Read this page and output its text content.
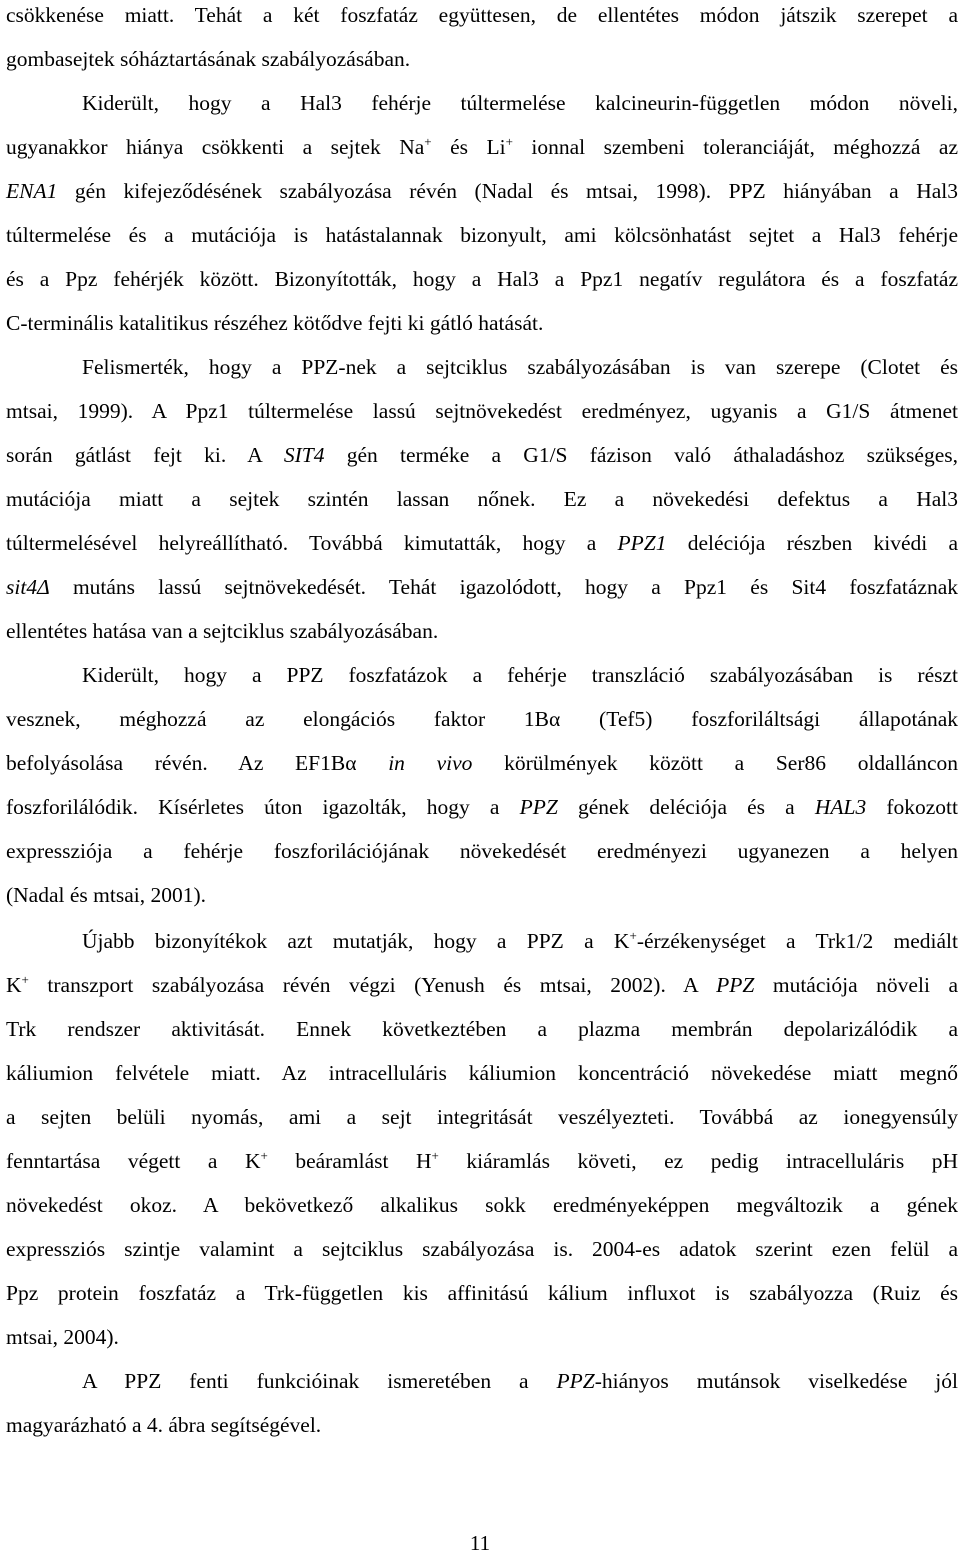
csökkenése miatt. Tehát a két foszfatáz együttesen, de ellentétes módon játszik szerepet a
gombasejtek sóháztartásának szabályozásában.
Kiderült, hogy a Hal3 fehérje túltermelése kalcineurin-független módon növeli,
ugyanakkor hiánya csökkenti a sejtek Na+ és Li+ ionnal szembeni toleranciáját, méghozzá az
ENA1 gén kifejeződésének szabályozása révén (Nadal és mtsai, 1998). PPZ hiányában a Hal3
túltermelése és a mutációja is hatástalannak bizonyult, ami kölcsönhatást sejtet a Hal3 fehérje
és a Ppz fehérjék között. Bizonyították, hogy a Hal3 a Ppz1 negatív regulátora és a foszfatáz
C-terminális katalitikus részéhez kötődve fejti ki gátló hatását.
Felismerték, hogy a PPZ-nek a sejtciklus szabályozásában is van szerepe (Clotet és
mtsai, 1999). A Ppz1 túltermelése lassú sejtnövekedést eredményez, ugyanis a G1/S átmenet
során gátlást fejt ki. A SIT4 gén terméke a G1/S fázison való áthaladáshoz szükséges,
mutációja miatt a sejtek szintén lassan nőnek. Ez a növekedési defektus a Hal3
túltermelésével helyreállítható. Továbbá kimutatták, hogy a PPZ1 deléciója részben kivédi a
sit4Δ mutáns lassú sejtnövekedését. Tehát igazolódott, hogy a Ppz1 és Sit4 foszfatáznak
ellentétes hatása van a sejtciklus szabályozásában.
Kiderült, hogy a PPZ foszfatázok a fehérje transzláció szabályozásában is részt
vesznek, méghozzá az elongációs faktor 1Bα (Tef5) foszforiláltsági állapotának
befolyásolása révén. Az EF1Bα in vivo körülmények között a Ser86 oldalláncon
foszforilálódik. Kísérletes úton igazolták, hogy a PPZ gének deléciója és a HAL3 fokozott
expressziója a fehérje foszforilációjának növekedését eredményezi ugyanezen a helyen
(Nadal és mtsai, 2001).
Újabb bizonyítékok azt mutatják, hogy a PPZ a K+-érzékenységet a Trk1/2 mediált
K+ transzport szabályozása révén végzi (Yenush és mtsai, 2002). A PPZ mutációja növeli a
Trk rendszer aktivitását. Ennek következtében a plazma membrán depolarizálódik a
káliumion felvétele miatt. Az intracelluláris káliumion koncentráció növekedése miatt megnő
a sejten belüli nyomás, ami a sejt integritását veszélyezteti. Továbbá az ionegyensúly
fenntartása végett a K+ beáramlást H+ kiáramlás követi, ez pedig intracelluláris pH
növekedést okoz. A bekövetkező alkalikus sokk eredményeképpen megváltozik a gének
expressziós szintje valamint a sejtciklus szabályozása is. 2004-es adatok szerint ezen felül a
Ppz protein foszfatáz a Trk-független kis affinitású kálium influxot is szabályozza (Ruiz és
mtsai, 2004).
A PPZ fenti funkcióinak ismeretében a PPZ-hiányos mutánsok viselkedése jól
magyarázható a 4. ábra segítségével.
11
